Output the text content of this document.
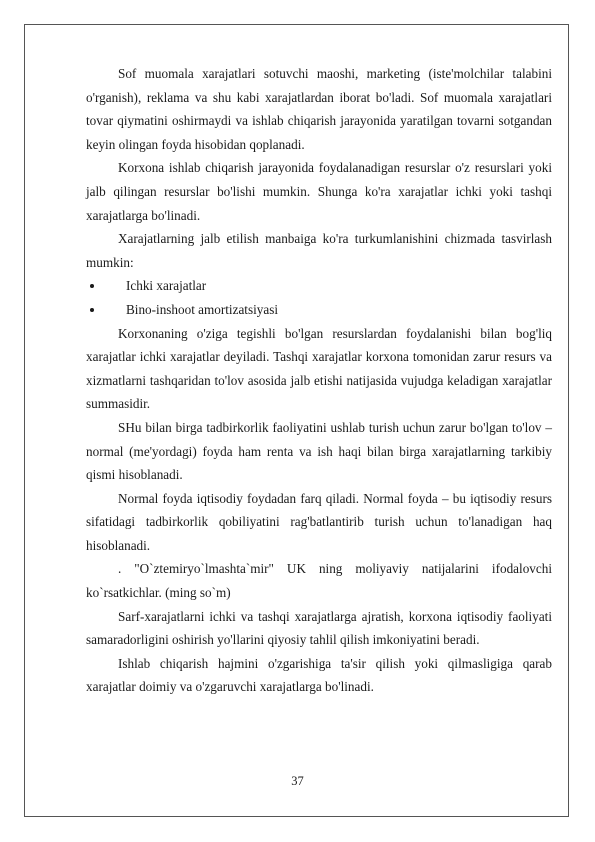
Sof muomala xarajatlari sotuvchi maoshi, marketing (iste'molchilar talabini o'rganish), reklama va shu kabi xarajatlardan iborat bo'ladi. Sof muomala xarajatlari tovar qiymatini oshirmaydi va ishlab chiqarish jarayonida yaratilgan tovarni sotgandan keyin olingan foyda hisobidan qoplanadi.

Korxona ishlab chiqarish jarayonida foydalanadigan resurslar o'z resurslari yoki jalb qilingan resurslar bo'lishi mumkin. Shunga ko'ra xarajatlar ichki yoki tashqi xarajatlarga bo'linadi.

Xarajatlarning jalb etilish manbaiga ko'ra turkumlanishini chizmada tasvirlash mumkin:

Ichki xarajatlar
Bino-inshoot amortizatsiyasi

Korxonaning o'ziga tegishli bo'lgan resurslardan foydalanishi bilan bog'liq xarajatlar ichki xarajatlar deyiladi. Tashqi xarajatlar korxona tomonidan zarur resurs va xizmatlarni tashqaridan to'lov asosida jalb etishi natijasida vujudga keladigan xarajatlar summasidir.

SHu bilan birga tadbirkorlik faoliyatini ushlab turish uchun zarur bo'lgan to'lov – normal (me'yordagi) foyda ham renta va ish haqi bilan birga xarajatlarning tarkibiy qismi hisoblanadi.

Normal foyda iqtisodiy foydadan farq qiladi. Normal foyda – bu iqtisodiy resurs sifatidagi tadbirkorlik qobiliyatini rag'batlantirib turish uchun to'lanadigan haq hisoblanadi.

. "O`ztemiryo`lmashta`mir" UK ning moliyaviy natijalarini ifodalovchi ko`rsatkichlar. (ming so`m)

Sarf-xarajatlarni ichki va tashqi xarajatlarga ajratish, korxona iqtisodiy faoliyati samaradorligini oshirish yo'llarini qiyosiy tahlil qilish imkoniyatini beradi.

Ishlab chiqarish hajmini o'zgarishiga ta'sir qilish yoki qilmasligiga qarab xarajatlar doimiy va o'zgaruvchi xarajatlarga bo'linadi.

37
